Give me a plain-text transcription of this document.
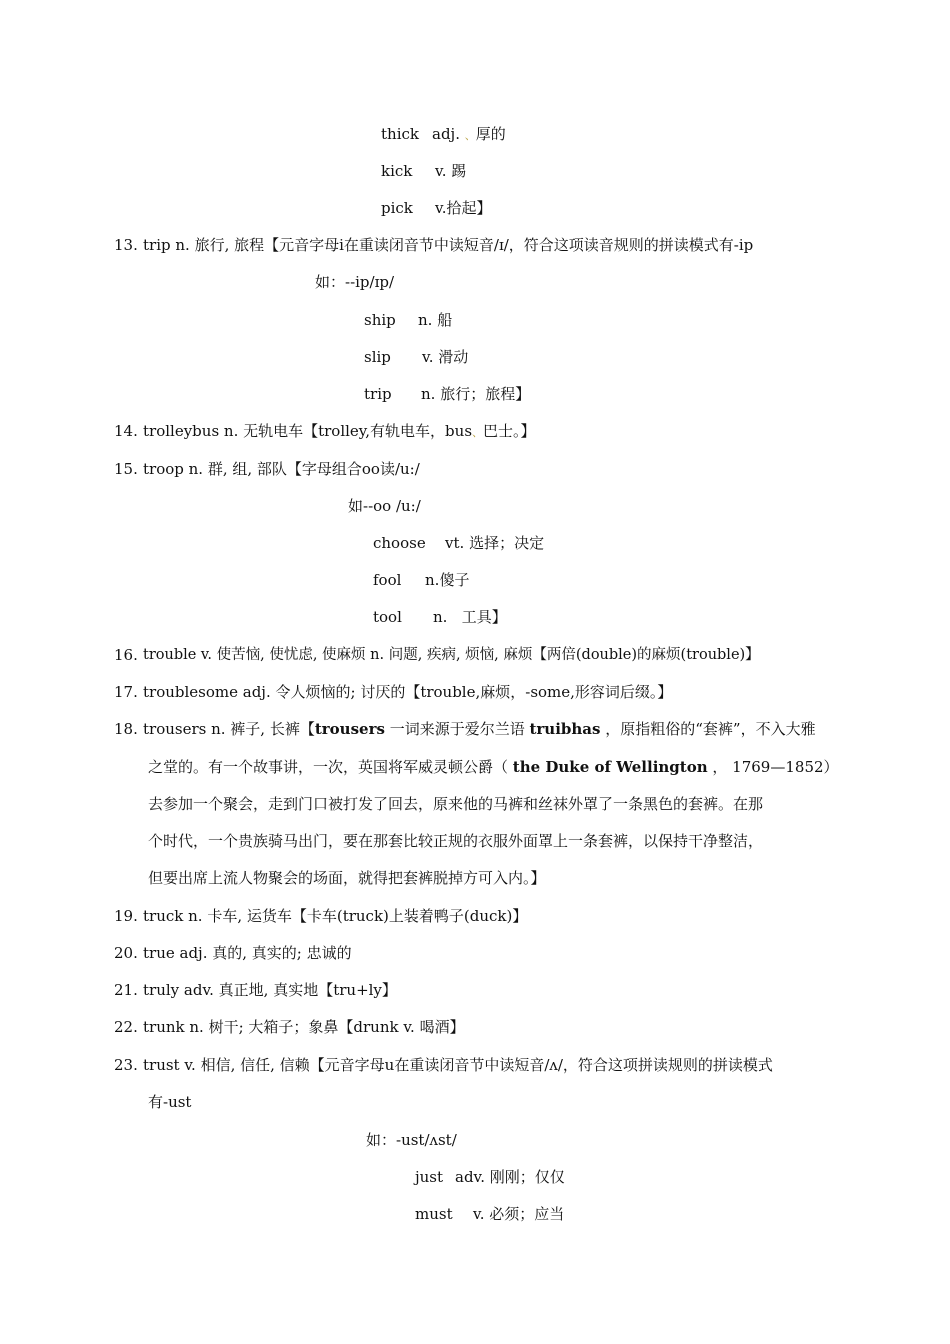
thick adj. 、厚的
kick v. 踢
pick v.拾起】
13. trip n. 旅行, 旅程【元音字母i在重读闭音节中读短音/ɪ/，符合这项读音规则的拼读模式有-ip
如：--ip/ɪp/
ship n. 船
slip v. 滑动
trip n. 旅行；旅程】
14. trolleybus n. 无轨电车【trolley,有轨电车，bus、巴士。】
15. troop n. 群, 组, 部队【字母组合oo读/u:/
如--oo /u:/
choose vt. 选择；决定
fool n.傻子
tool n. 工具】
16. trouble v. 使苦恼, 使忧虑, 使麻烦 n. 问题, 疾病, 烦恼, 麻烦【两倍(double)的麻烦(trouble)】
17. troublesome adj. 令人烦恼的; 讨厌的【trouble,麻烦，-some,形容词后缀。】
18. trousers n. 裤子, 长裤【trousers 一词来源于爱尔兰语 truibhas ，原指粗俗的“套裤”，不入大雅
之堂的。有一个故事讲，一次，英国将军威灵顿公爵（ the Duke of Wellington ， 1769—1852）
去参加一个聚会，走到门口被打发了回去，原来他的马裤和丝袜外罩了一条黑色的套裤。在那
个时代，一个贵族骑马出门，要在那套比较正规的衣服外面罩上一条套裤，以保持干净整洁，
但要出席上流人物聚会的场面，就得把套裤脱掉方可入内。】
19. truck n. 卡车, 运货车【卡车(truck)上装着鸭子(duck)】
20. true adj. 真的, 真实的; 忠诚的
21. truly adv. 真正地, 真实地【tru+ly】
22. trunk n. 树干; 大箱子；象鼻【drunk v. 喝酒】
23. trust v. 相信, 信任, 信赖【元音字母u在重读闭音节中读短音/ʌ/，符合这项拼读规则的拼读模式
有-ust
如：-ust/ʌst/
just adv. 刚刚；仅仅
must v. 必须；应当
